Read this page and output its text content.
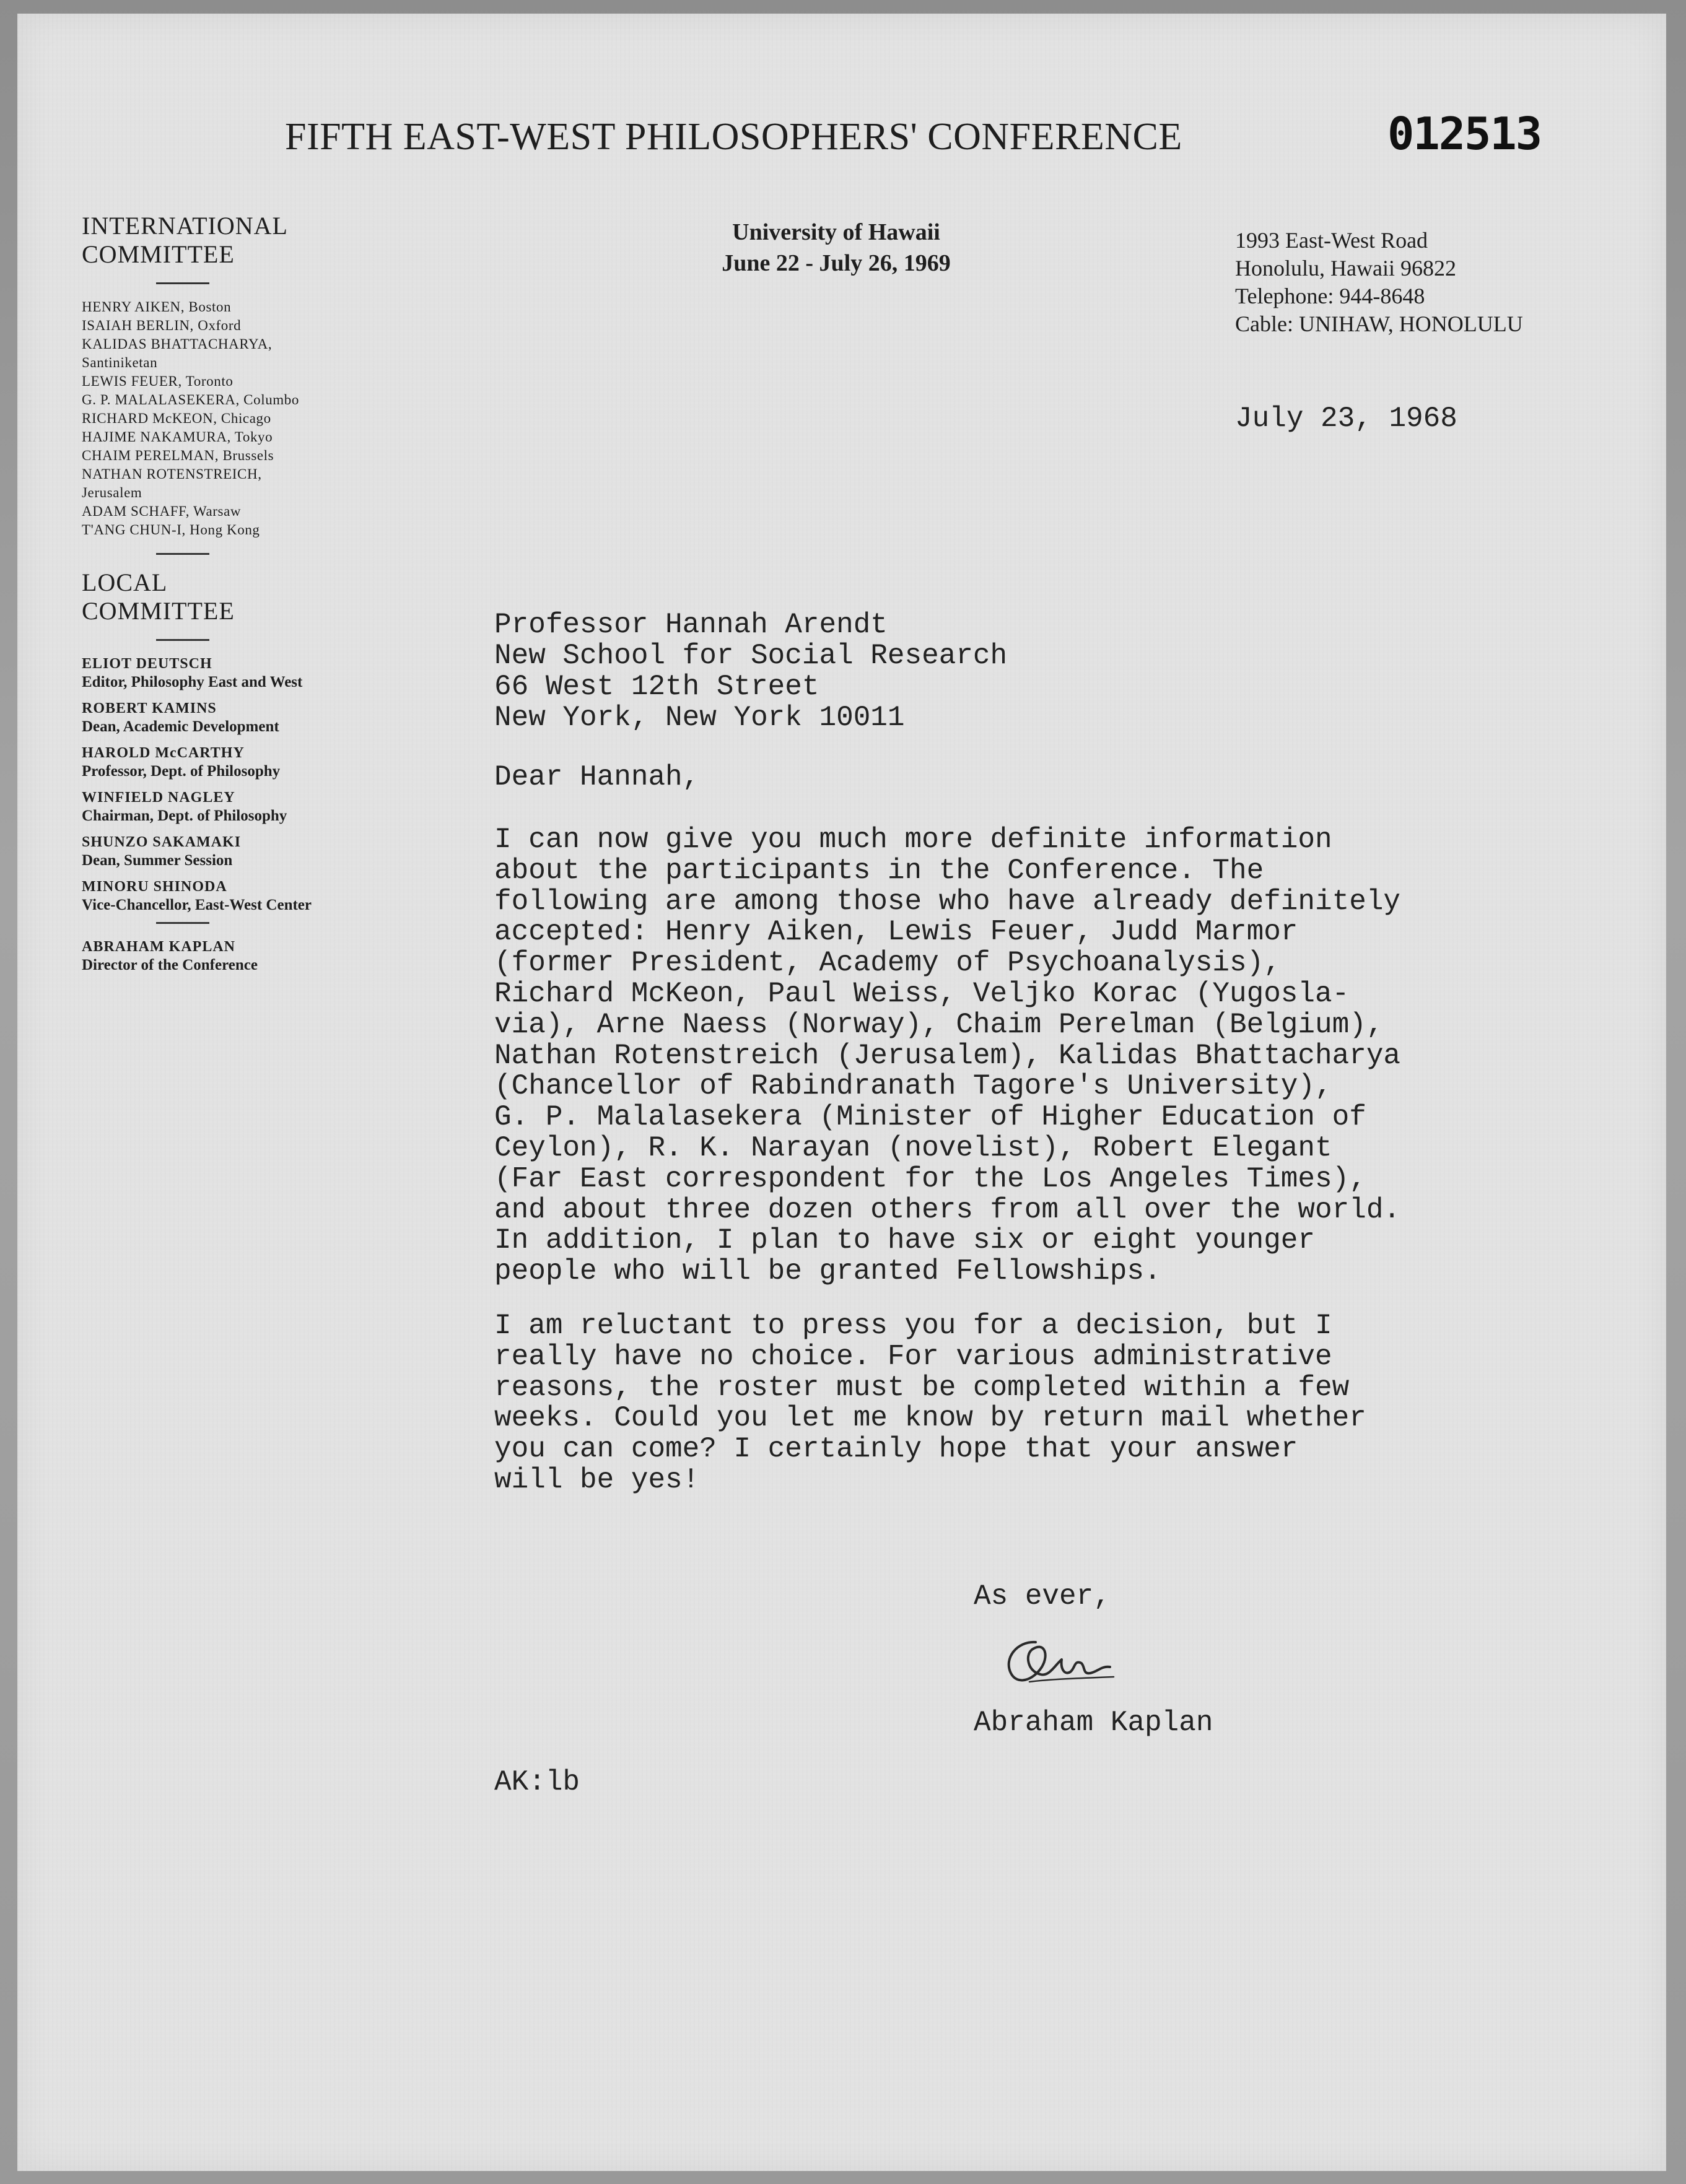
FIFTH EAST-WEST PHILOSOPHERS' CONFERENCE	012513
University of Hawaii
June 22 - July 26, 1969
1993 East-West Road
Honolulu, Hawaii 96822
Telephone: 944-8648
Cable: UNIHAW, HONOLULU
July 23, 1968
INTERNATIONAL
COMMITTEE
HENRY AIKEN, Boston
ISAIAH BERLIN, Oxford
KALIDAS BHATTACHARYA,
Santiniketan
LEWIS FEUER, Toronto
G. P. MALALASEKERA, Columbo
RICHARD McKEON, Chicago
HAJIME NAKAMURA, Tokyo
CHAIM PERELMAN, Brussels
NATHAN ROTENSTREICH,
Jerusalem
ADAM SCHAFF, Warsaw
T'ANG CHUN-I, Hong Kong
LOCAL
COMMITTEE
ELIOT DEUTSCH
Editor, Philosophy East and West
ROBERT KAMINS
Dean, Academic Development
HAROLD McCARTHY
Professor, Dept. of Philosophy
WINFIELD NAGLEY
Chairman, Dept. of Philosophy
SHUNZO SAKAMAKI
Dean, Summer Session
MINORU SHINODA
Vice-Chancellor, East-West Center
ABRAHAM KAPLAN
Director of the Conference
Professor Hannah Arendt
New School for Social Research
66 West 12th Street
New York, New York 10011
Dear Hannah,
I can now give you much more definite information
about the participants in the Conference. The
following are among those who have already definitely
accepted: Henry Aiken, Lewis Feuer, Judd Marmor
(former President, Academy of Psychoanalysis),
Richard McKeon, Paul Weiss, Veljko Korac (Yugosla-
via), Arne Naess (Norway), Chaim Perelman (Belgium),
Nathan Rotenstreich (Jerusalem), Kalidas Bhattacharya
(Chancellor of Rabindranath Tagore's University),
G. P. Malalasekera (Minister of Higher Education of
Ceylon), R. K. Narayan (novelist), Robert Elegant
(Far East correspondent for the Los Angeles Times),
and about three dozen others from all over the world.
In addition, I plan to have six or eight younger
people who will be granted Fellowships.
I am reluctant to press you for a decision, but I
really have no choice. For various administrative
reasons, the roster must be completed within a few
weeks. Could you let me know by return mail whether
you can come? I certainly hope that your answer
will be yes!
As ever,
Abraham Kaplan
AK:lb
